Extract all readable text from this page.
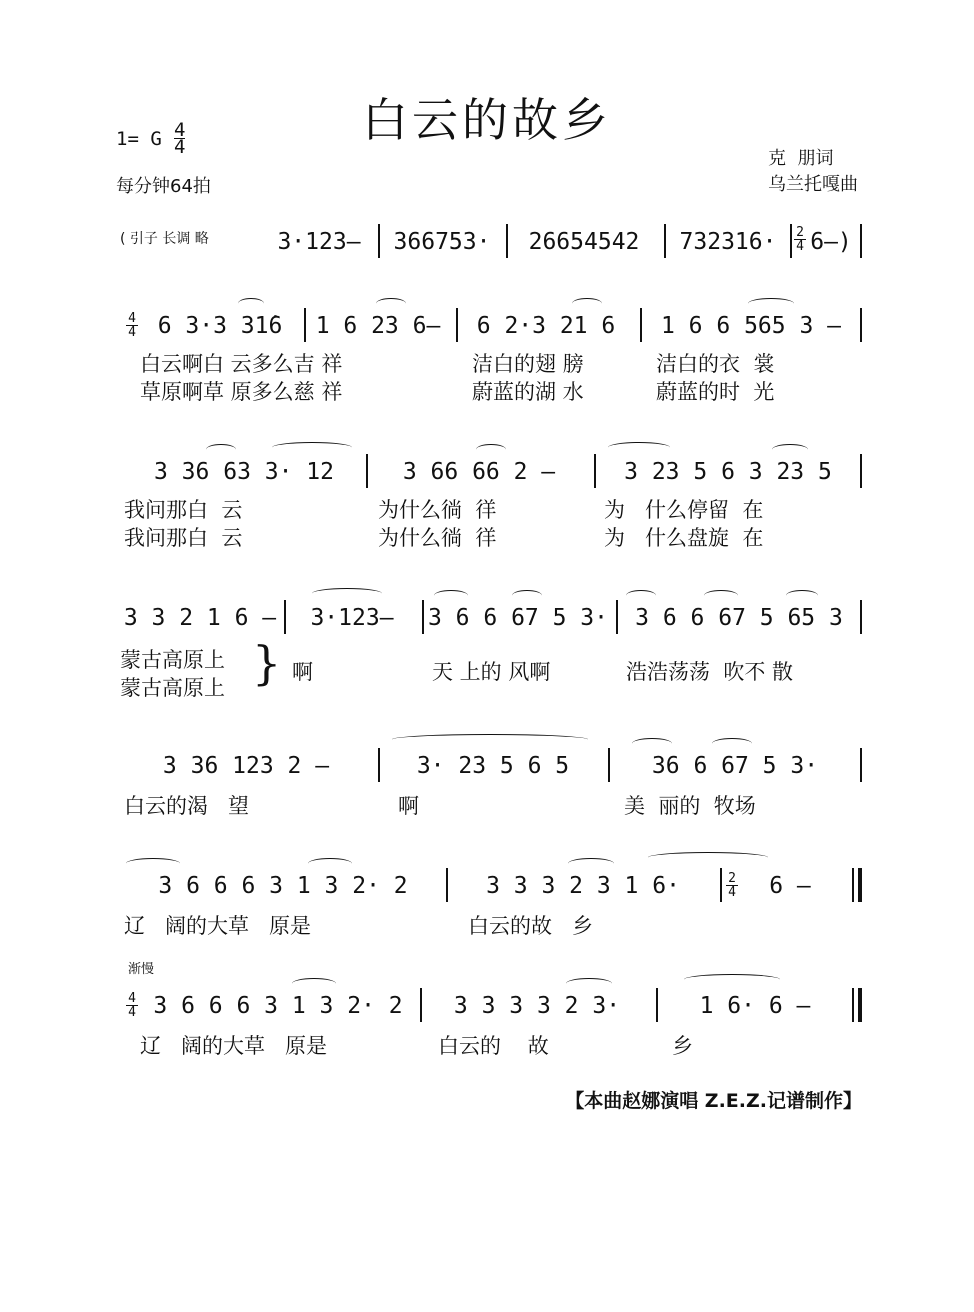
白云的故乡
1= G $\frac{4}{4}$
每分钟64拍
克  朋词
乌兰托嘎曲
( 引子 长调 略	3·123–	366753·	26654542	732316·	2
4 6–)
4
4 6 3·3 31̇6	1 6 23 6–	6 2·3 21 6	1 6 6 565 3 –
白云啊白 云多么吉 祥	洁白的翅 膀	洁白的衣  裳
草原啊草 原多么慈 祥	蔚蓝的湖 水	蔚蓝的时  光
3 36 63 3· 12	3 66 66 2 –	3 23 5 6 3 23 5
我问那白  云	为什么徜  徉	为   什么停留  在
我问那白  云	为什么徜  徉	为   什么盘旋  在
3 3 2 1 6 –	3·123–	3 6 6 67 5 3·	3 6 6 67 5 65 3
蒙古高原上	啊	天 上的 风啊	浩浩荡荡  吹不 散
蒙古高原上 }
3 36 123 2 –	3· 23 5 6 5	36 6 67 5 3·
白云的渴   望	啊	美  丽的  牧场
3 6 6 6 3 1 3 2· 2	3 3 3 2 3 1 6·	2
4	6 –
辽   阔的大草   原是	白云的故   乡
渐慢
4
4 3 6 6 6 3 1 3 2· 2	3 3 3 3 2 3·	1 6· 6 –
辽   阔的大草   原是	白云的    故	乡
【本曲赵娜演唱 Z.E.Z.记谱制作】
